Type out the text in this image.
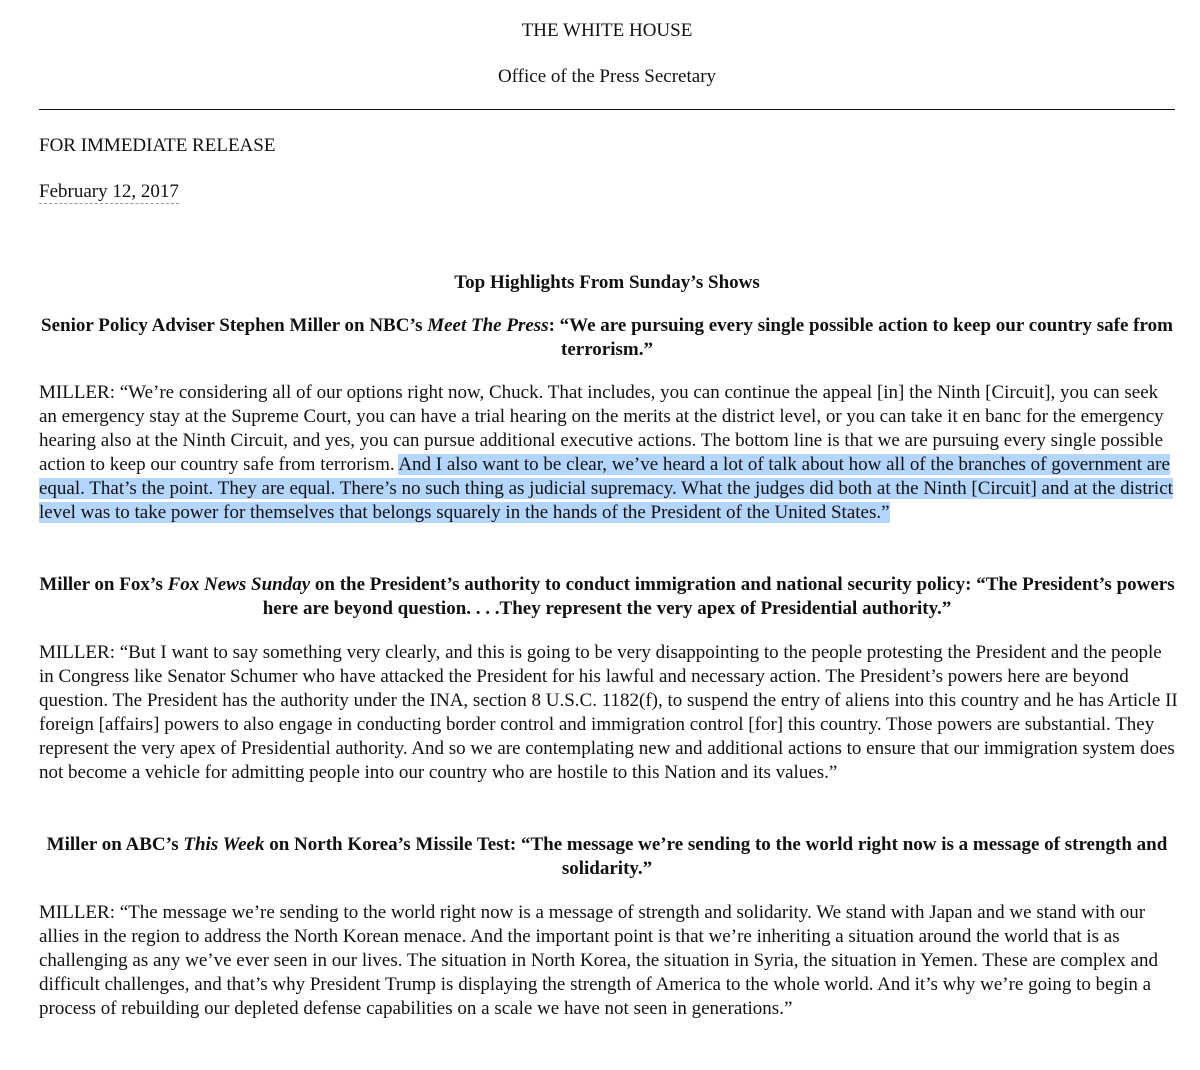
THE WHITE HOUSE
Office of the Press Secretary
FOR IMMEDIATE RELEASE
February 12, 2017
Top Highlights From Sunday’s Shows
Senior Policy Adviser Stephen Miller on NBC’s Meet The Press: “We are pursuing every single possible action to keep our country safe from terrorism.”
MILLER: “We’re considering all of our options right now, Chuck. That includes, you can continue the appeal [in] the Ninth [Circuit], you can seek an emergency stay at the Supreme Court, you can have a trial hearing on the merits at the district level, or you can take it en banc for the emergency hearing also at the Ninth Circuit, and yes, you can pursue additional executive actions. The bottom line is that we are pursuing every single possible action to keep our country safe from terrorism. And I also want to be clear, we’ve heard a lot of talk about how all of the branches of government are equal. That’s the point. They are equal. There’s no such thing as judicial supremacy. What the judges did both at the Ninth [Circuit] and at the district level was to take power for themselves that belongs squarely in the hands of the President of the United States.”
Miller on Fox’s Fox News Sunday on the President’s authority to conduct immigration and national security policy: “The President’s powers here are beyond question. . . .They represent the very apex of Presidential authority.”
MILLER: “But I want to say something very clearly, and this is going to be very disappointing to the people protesting the President and the people in Congress like Senator Schumer who have attacked the President for his lawful and necessary action. The President’s powers here are beyond question. The President has the authority under the INA, section 8 U.S.C. 1182(f), to suspend the entry of aliens into this country and he has Article II foreign [affairs] powers to also engage in conducting border control and immigration control [for] this country. Those powers are substantial. They represent the very apex of Presidential authority. And so we are contemplating new and additional actions to ensure that our immigration system does not become a vehicle for admitting people into our country who are hostile to this Nation and its values.”
Miller on ABC’s This Week on North Korea’s Missile Test: “The message we’re sending to the world right now is a message of strength and solidarity.”
MILLER: “The message we’re sending to the world right now is a message of strength and solidarity. We stand with Japan and we stand with our allies in the region to address the North Korean menace. And the important point is that we’re inheriting a situation around the world that is as challenging as any we’ve ever seen in our lives. The situation in North Korea, the situation in Syria, the situation in Yemen. These are complex and difficult challenges, and that’s why President Trump is displaying the strength of America to the whole world. And it’s why we’re going to begin a process of rebuilding our depleted defense capabilities on a scale we have not seen in generations.”
